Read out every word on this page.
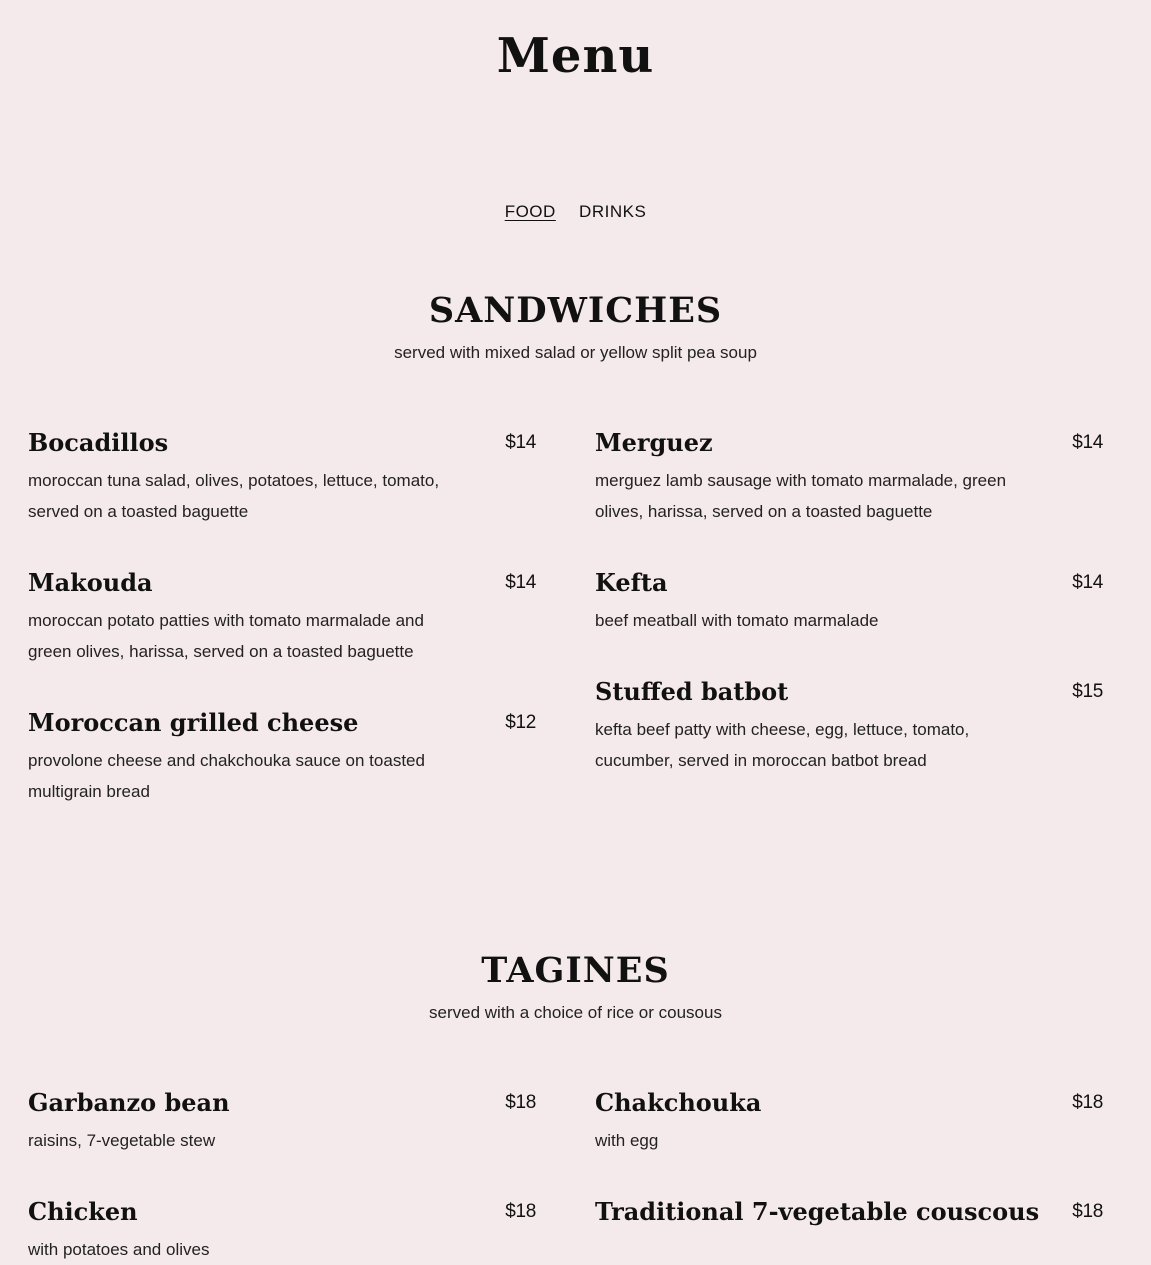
Menu
FOOD DRINKS
SANDWICHES
served with mixed salad or yellow split pea soup
Bocadillos	$14
moroccan tuna salad, olives, potatoes, lettuce, tomato, served on a toasted baguette
Merguez	$14
merguez lamb sausage with tomato marmalade, green olives, harissa, served on a toasted baguette
Makouda	$14
moroccan potato patties with tomato marmalade and green olives, harissa, served on a toasted baguette
Kefta	$14
beef meatball with tomato marmalade
Moroccan grilled cheese	$12
provolone cheese and chakchouka sauce on toasted multigrain bread
Stuffed batbot	$15
kefta beef patty with cheese, egg, lettuce, tomato, cucumber, served in moroccan batbot bread
TAGINES
served with a choice of rice or cousous
Garbanzo bean	$18
raisins, 7-vegetable stew
Chakchouka	$18
with egg
Chicken	$18
with potatoes and olives
Traditional 7-vegetable couscous	$18
